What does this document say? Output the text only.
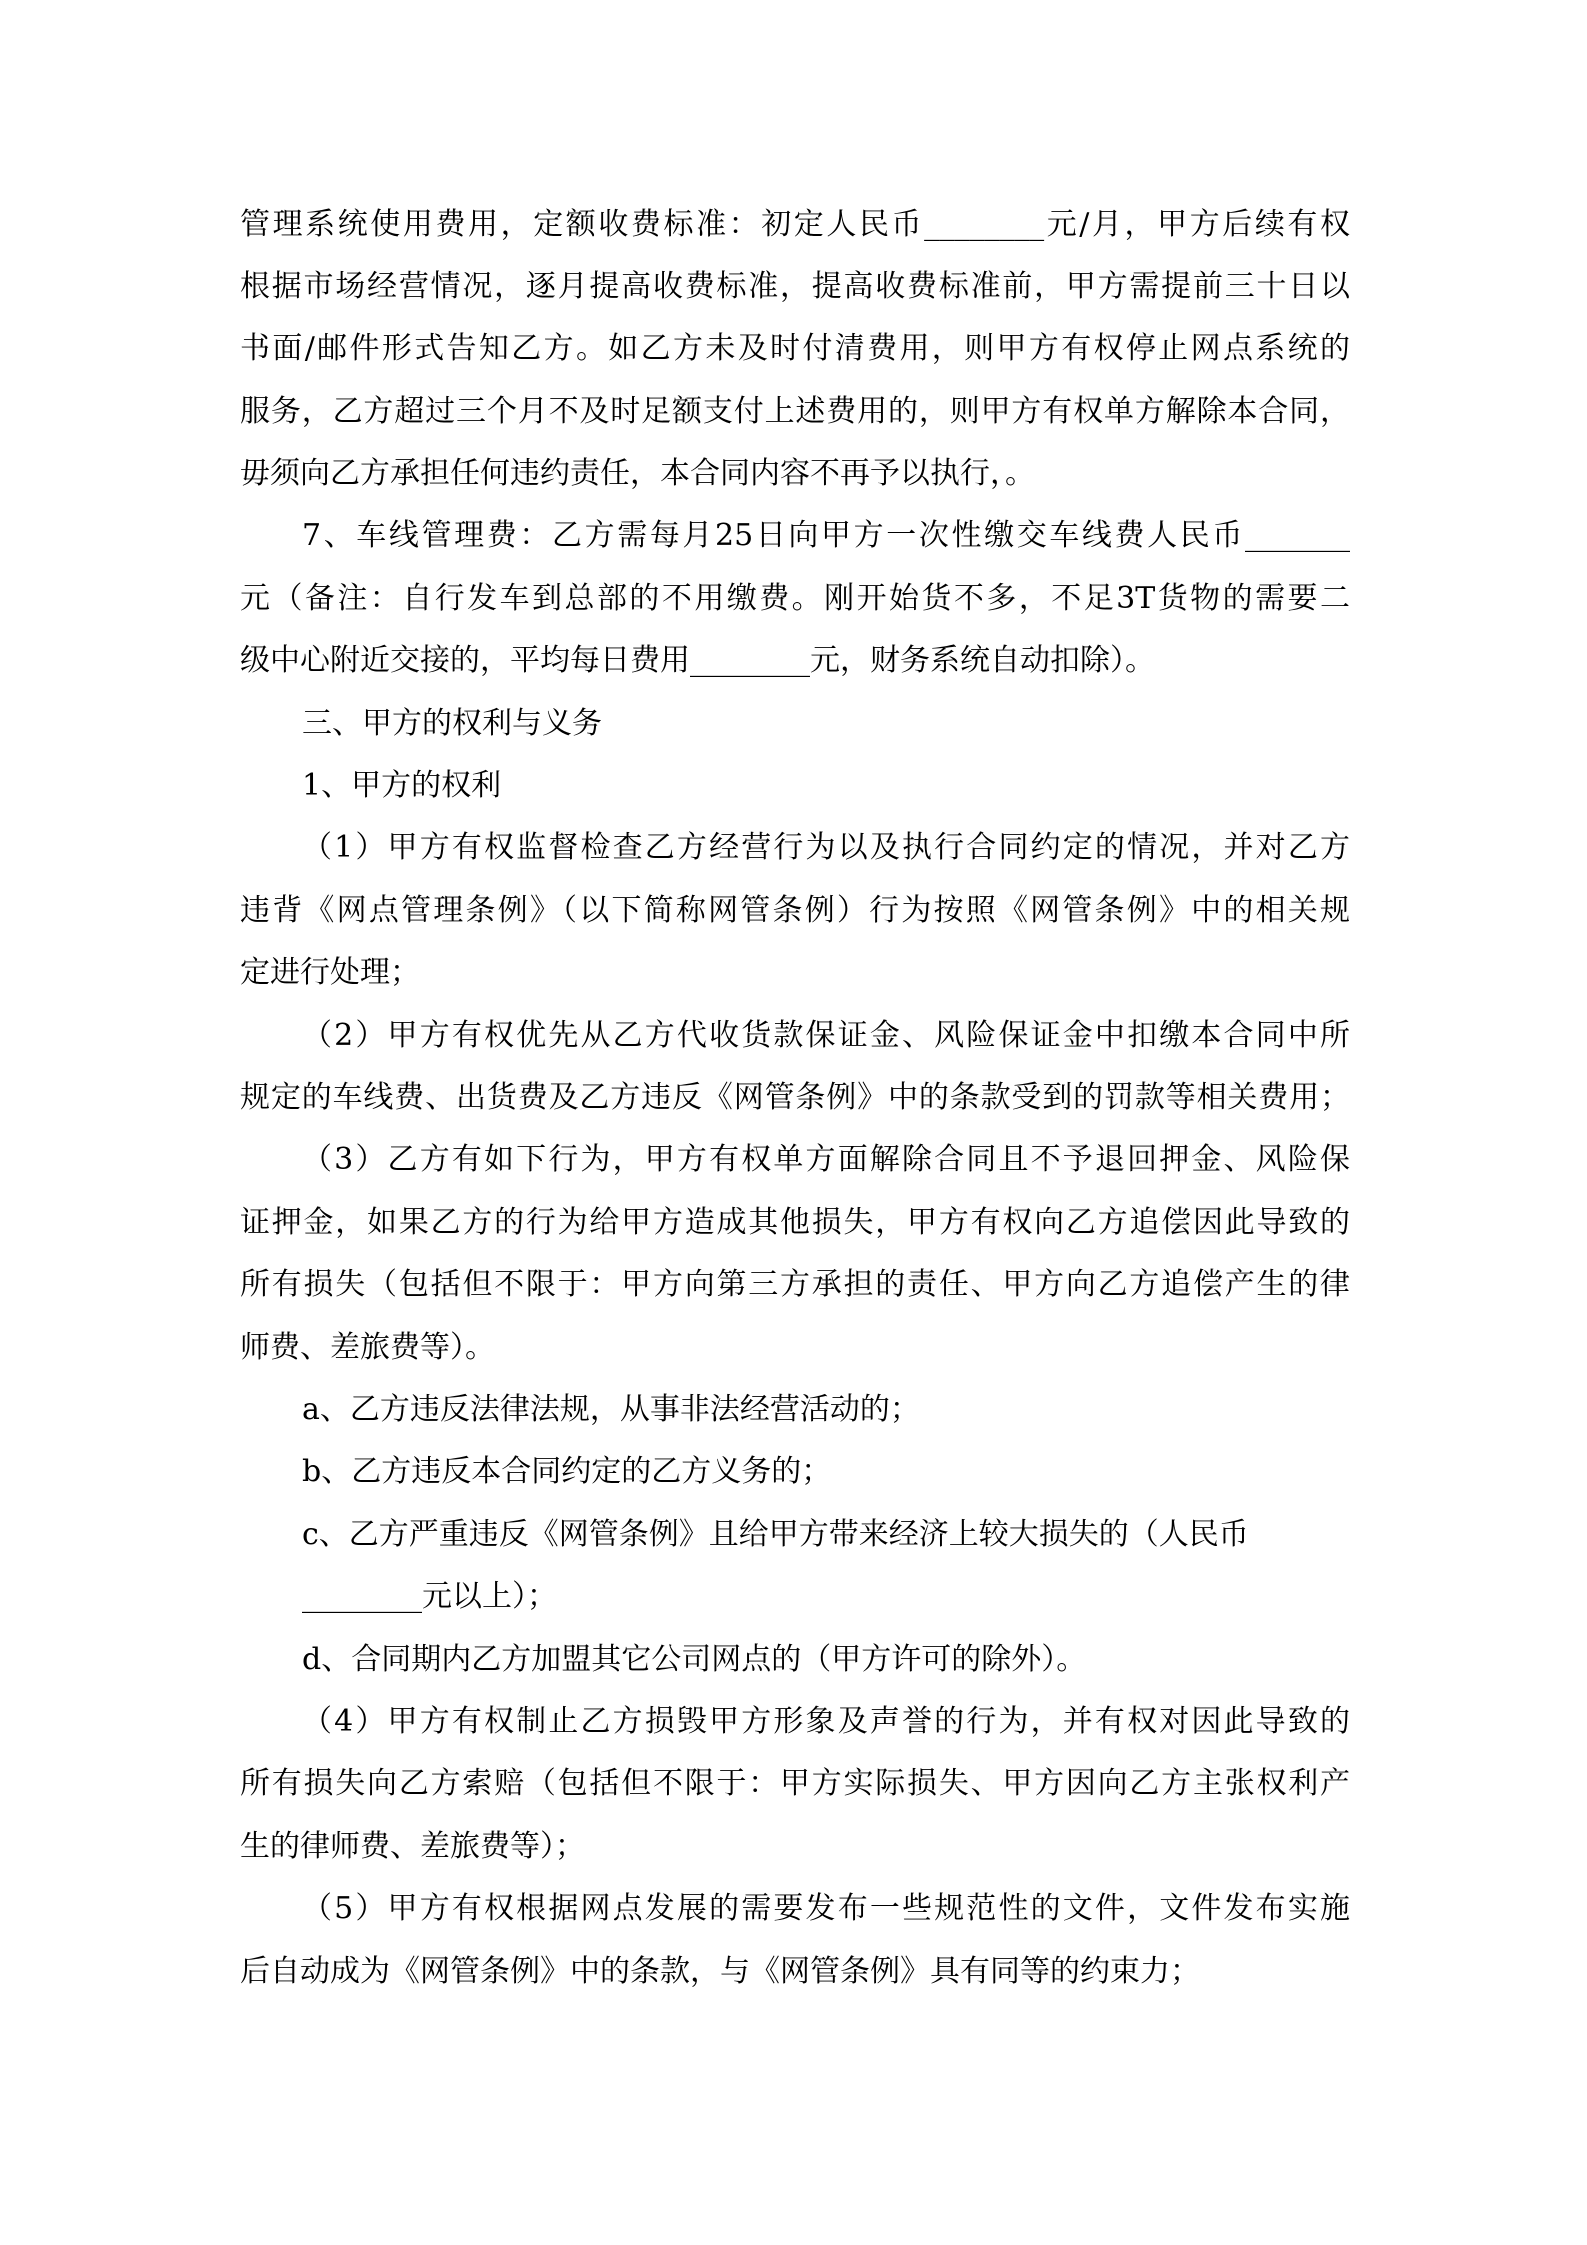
管理系统使用费用，定额收费标准：初定人民币________元/月，甲方后续有权
根据市场经营情况，逐月提高收费标准，提高收费标准前，甲方需提前三十日以
书面/邮件形式告知乙方。如乙方未及时付清费用，则甲方有权停止网点系统的
服务，乙方超过三个月不及时足额支付上述费用的，则甲方有权单方解除本合同，
毋须向乙方承担任何违约责任，本合同内容不再予以执行，。
7、车线管理费：乙方需每月25日向甲方一次性缴交车线费人民币_______
元（备注：自行发车到总部的不用缴费。刚开始货不多，不足3T货物的需要二
级中心附近交接的，平均每日费用________元，财务系统自动扣除）。
三、甲方的权利与义务
1、甲方的权利
（1）甲方有权监督检查乙方经营行为以及执行合同约定的情况，并对乙方
违背《网点管理条例》（以下简称网管条例）行为按照《网管条例》中的相关规
定进行处理；
（2）甲方有权优先从乙方代收货款保证金、风险保证金中扣缴本合同中所
规定的车线费、出货费及乙方违反《网管条例》中的条款受到的罚款等相关费用；
（3）乙方有如下行为，甲方有权单方面解除合同且不予退回押金、风险保
证押金，如果乙方的行为给甲方造成其他损失，甲方有权向乙方追偿因此导致的
所有损失（包括但不限于：甲方向第三方承担的责任、甲方向乙方追偿产生的律
师费、差旅费等）。
a、乙方违反法律法规，从事非法经营活动的；
b、乙方违反本合同约定的乙方义务的；
c、乙方严重违反《网管条例》且给甲方带来经济上较大损失的（人民币
________元以上）；
d、合同期内乙方加盟其它公司网点的（甲方许可的除外）。
（4）甲方有权制止乙方损毁甲方形象及声誉的行为，并有权对因此导致的
所有损失向乙方索赔（包括但不限于：甲方实际损失、甲方因向乙方主张权利产
生的律师费、差旅费等）；
（5）甲方有权根据网点发展的需要发布一些规范性的文件，文件发布实施
后自动成为《网管条例》中的条款，与《网管条例》具有同等的约束力；
